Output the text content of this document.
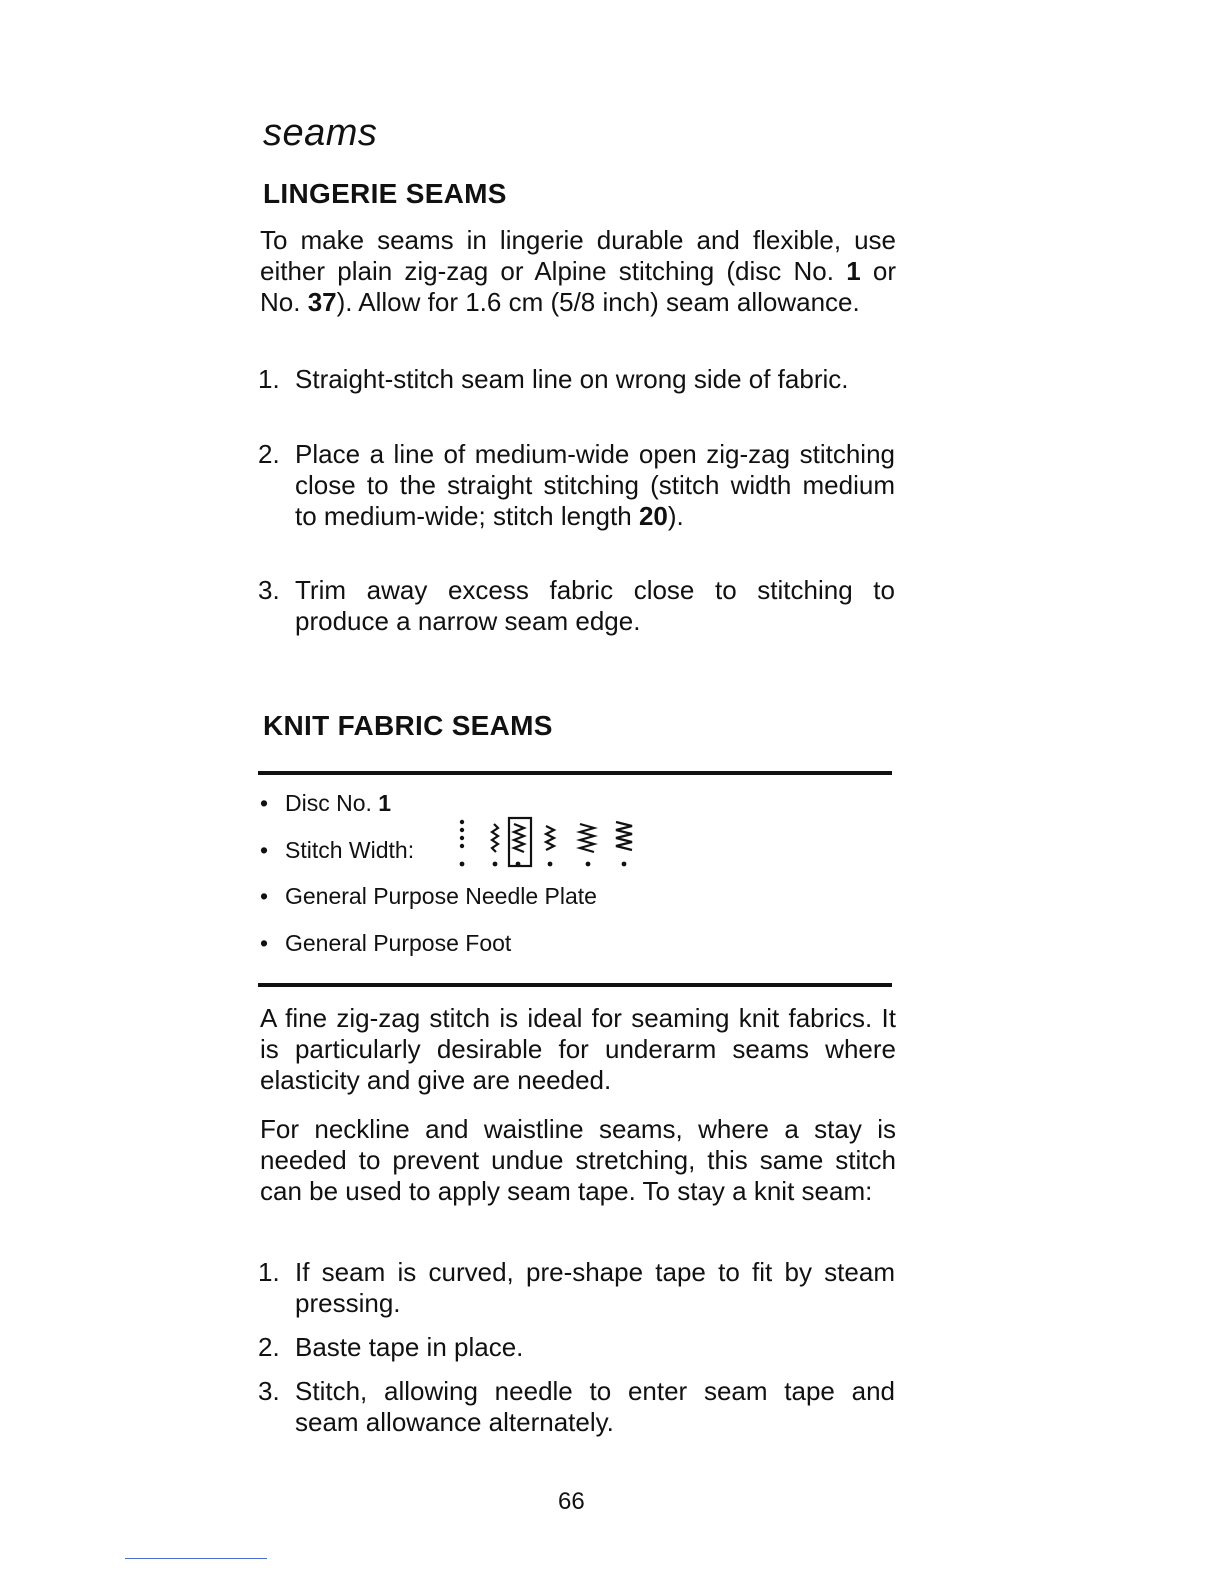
seams
LINGERIE SEAMS

To make seams in lingerie durable and flexible, use either plain zig-zag or Alpine stitching (disc No. 1 or No. 37). Allow for 1.6 cm (5/8 inch) seam allowance.

1. Straight-stitch seam line on wrong side of fabric.
2. Place a line of medium-wide open zig-zag stitching close to the straight stitching (stitch width medium to medium-wide; stitch length 20).
3. Trim away excess fabric close to stitching to produce a narrow seam edge.
KNIT FABRIC SEAMS
• Disc No. 1
• Stitch Width:
• General Purpose Needle Plate
• General Purpose Foot

A fine zig-zag stitch is ideal for seaming knit fabrics. It is particularly desirable for underarm seams where elasticity and give are needed.

For neckline and waistline seams, where a stay is needed to prevent undue stretching, this same stitch can be used to apply seam tape. To stay a knit seam:

1. If seam is curved, pre-shape tape to fit by steam pressing.
2. Baste tape in place.
3. Stitch, allowing needle to enter seam tape and seam allowance alternately.
66
